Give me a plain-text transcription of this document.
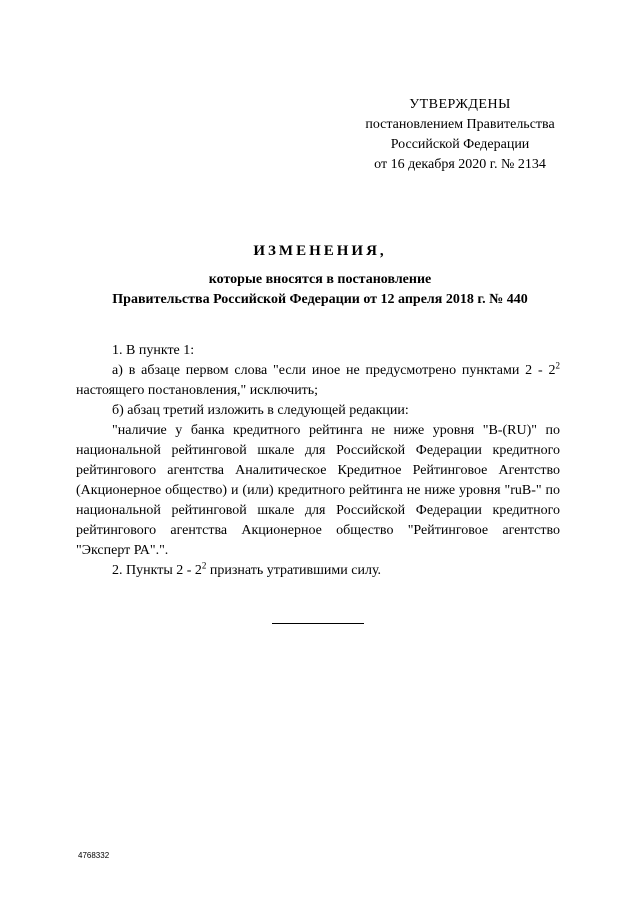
УТВЕРЖДЕНЫ
постановлением Правительства
Российской Федерации
от 16 декабря 2020 г. № 2134
ИЗМЕНЕНИЯ,
которые вносятся в постановление
Правительства Российской Федерации от 12 апреля 2018 г. № 440
1. В пункте 1:
а) в абзаце первом слова "если иное не предусмотрено пунктами $2 - 2^2$ настоящего постановления," исключить;
б) абзац третий изложить в следующей редакции:
"наличие у банка кредитного рейтинга не ниже уровня "B-(RU)" по национальной рейтинговой шкале для Российской Федерации кредитного рейтингового агентства Аналитическое Кредитное Рейтинговое Агентство (Акционерное общество) и (или) кредитного рейтинга не ниже уровня "ruB-" по национальной рейтинговой шкале для Российской Федерации кредитного рейтингового агентства Акционерное общество "Рейтинговое агентство "Эксперт РА".".
2. Пункты $2 - 2^2$ признать утратившими силу.
4768332
